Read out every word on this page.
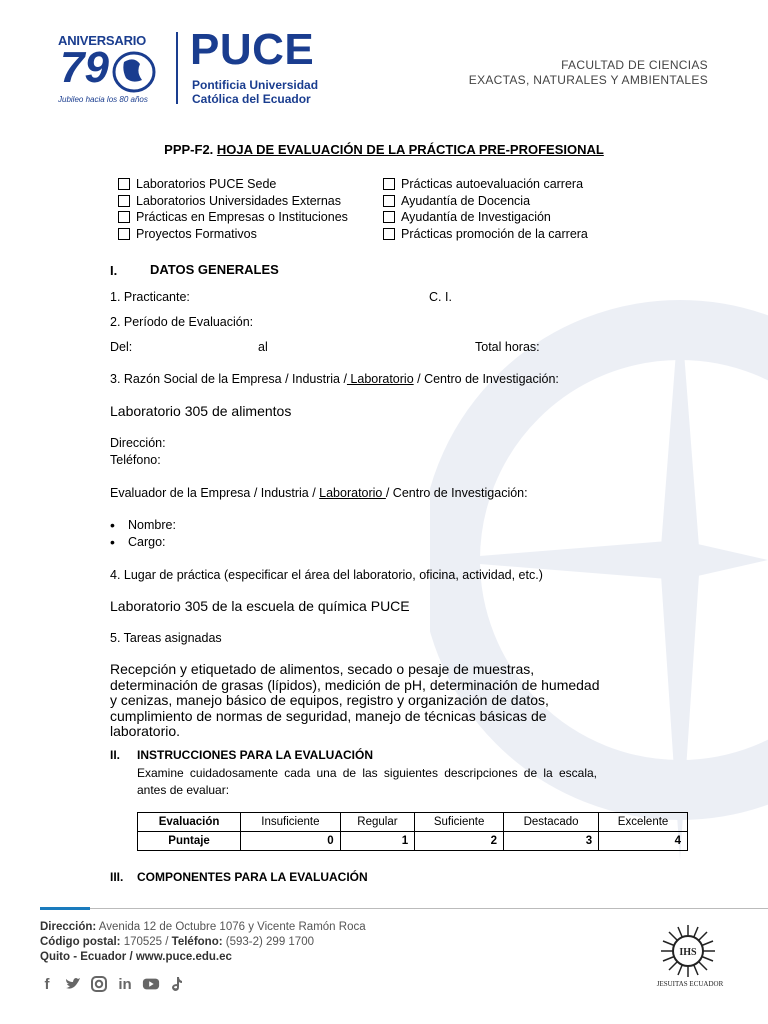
ANIVERSARIO
79
Jubileo hacia los 80 años
PUCE
Pontificia Universidad
Católica del Ecuador
FACULTAD DE CIENCIAS
EXACTAS, NATURALES Y AMBIENTALES
PPP-F2. HOJA DE EVALUACIÓN DE LA PRÁCTICA PRE-PROFESIONAL
Laboratorios PUCE Sede
Laboratorios Universidades Externas
Prácticas en Empresas o Instituciones
Proyectos Formativos
Prácticas autoevaluación carrera
Ayudantía de Docencia
Ayudantía de Investigación
Prácticas promoción de la carrera
I.	DATOS GENERALES
1. Practicante:	C. I.
2. Período de Evaluación:
Del:	al	Total horas:
3. Razón Social de la Empresa / Industria / Laboratorio / Centro de Investigación:
Laboratorio 305 de alimentos
Dirección:
Teléfono:
Evaluador de la Empresa / Industria / Laboratorio / Centro de Investigación:
• Nombre:
• Cargo:
4. Lugar de práctica (especificar el área del laboratorio, oficina, actividad, etc.)
Laboratorio 305 de la escuela de química PUCE
5. Tareas asignadas
Recepción y etiquetado de alimentos, secado o pesaje de muestras, determinación de grasas (lípidos), medición de pH, determinación de humedad y cenizas, manejo básico de equipos, registro y organización de datos, cumplimiento de normas de seguridad, manejo de técnicas básicas de laboratorio.
II. INSTRUCCIONES PARA LA EVALUACIÓN
Examine cuidadosamente cada una de las siguientes descripciones de la escala, antes de evaluar:
Evaluación	Insuficiente	Regular	Suficiente	Destacado	Excelente
Puntaje	0	1	2	3	4
III. COMPONENTES PARA LA EVALUACIÓN
Dirección: Avenida 12 de Octubre 1076 y Vicente Ramón Roca
Código postal: 170525 / Teléfono: (593-2) 299 1700
Quito - Ecuador / www.puce.edu.ec
f	in
IHS
JESUITAS ECUADOR
